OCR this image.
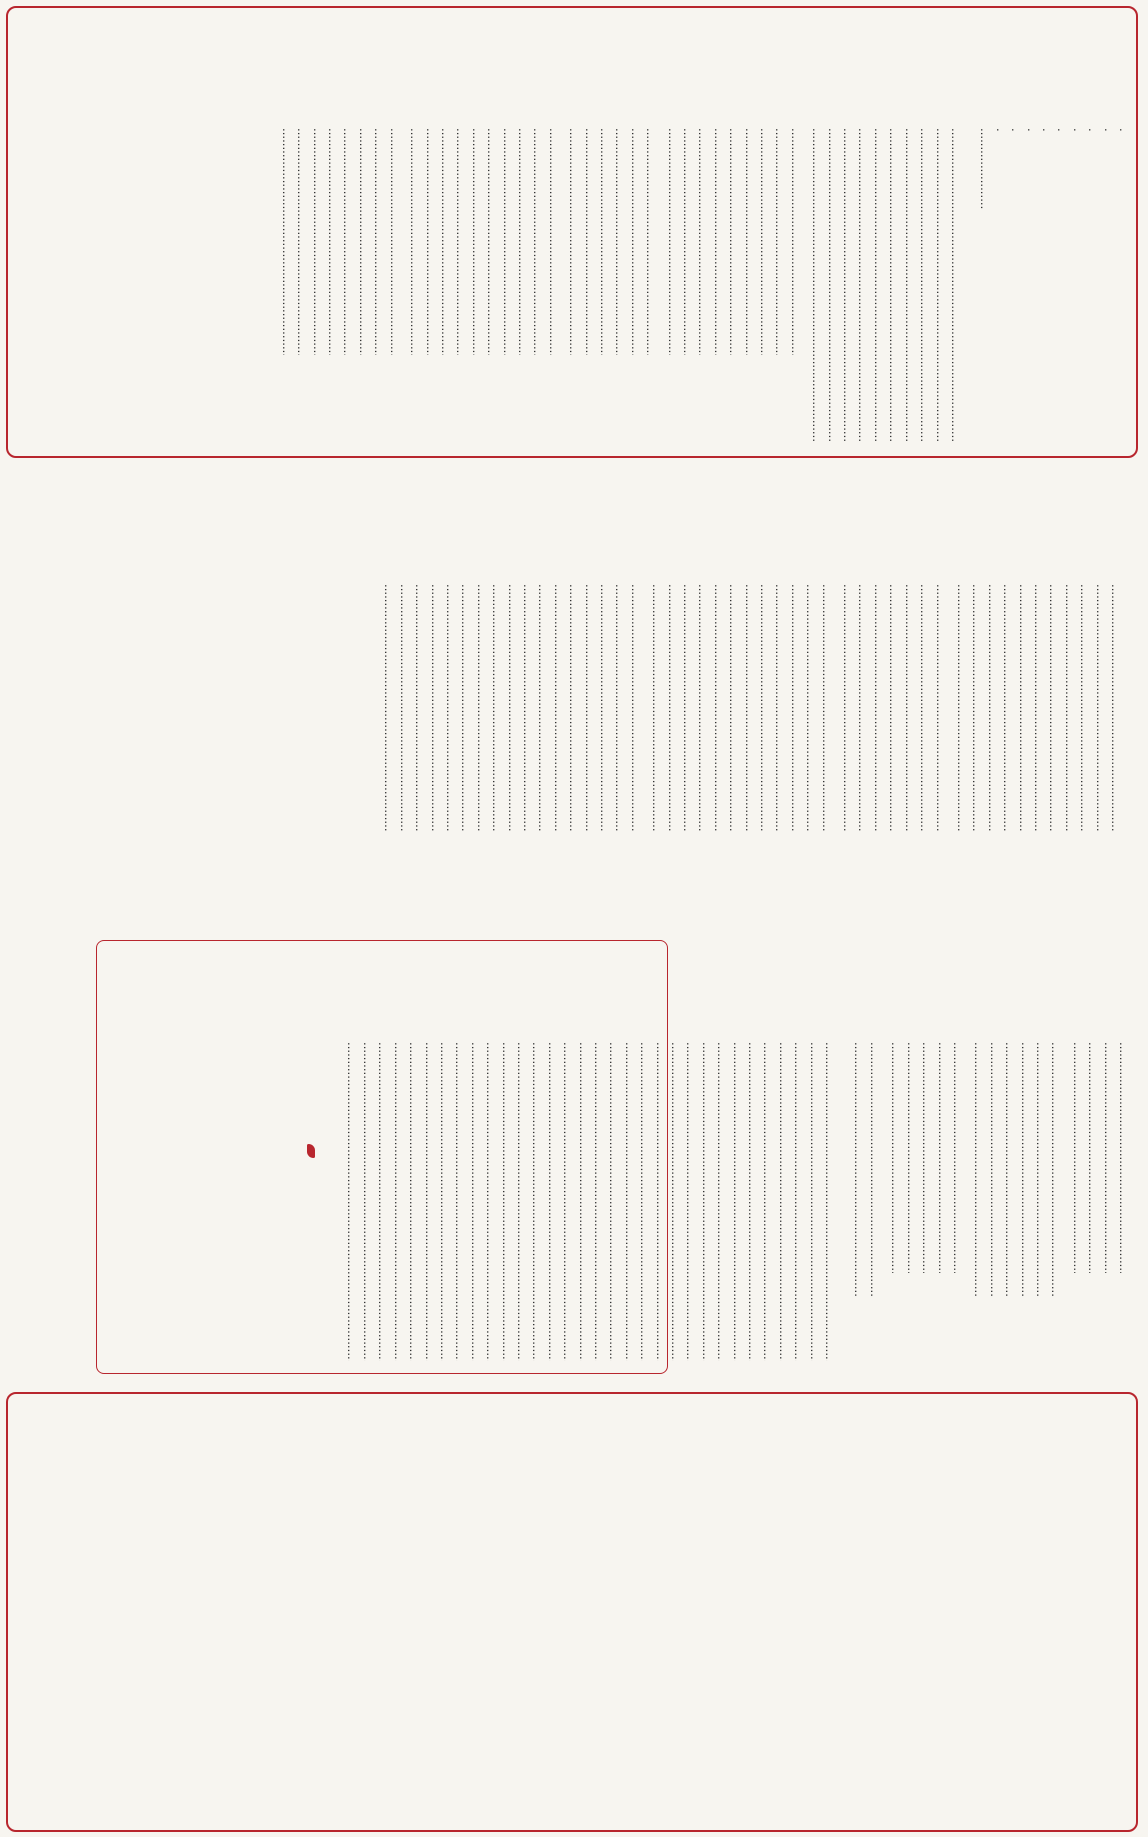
.....
.....
.....
.....
.....
.....
.....
.....
.....
.....
.....
.....
.....
.....
.....
.....
.....
.....
.....
.....
.....
.....
.....
.....
.....
.....
.....
.....
.....
.....
.....
.....
.....
.....
.....
.....
.....
.....
.....
.....
.....
.....
.....
.....
.....
.....
.....
.....
.....
.....
.....
.....
.....
.....
.....
.....
.....
.....
.....
.....
.....
.....
.....
.....
.....
.....
.....
.....
.....
.....
.....
.....
.....
.....
.....
.....
.....
.....
.....
.....
.....
.....
.....
.....
.....
.....
.....
.....
.....
.....
.....
.....
.....
.....
.....
.....
.....
.....
.....
.....
.....
.....
.....
.....
.....
.....
.....
.....
.....
.....
.....
.....
.....
.....
.....
.....
.....
.....
.....
.....
.....
.....
.....
.....
.....
.....
.....
.....
.....
.....
.....
.....
.....
.....
.....
.....
.....
.....
.....
.....
.....
.....
.....
.....
.....
.....
.....
.....
.....
